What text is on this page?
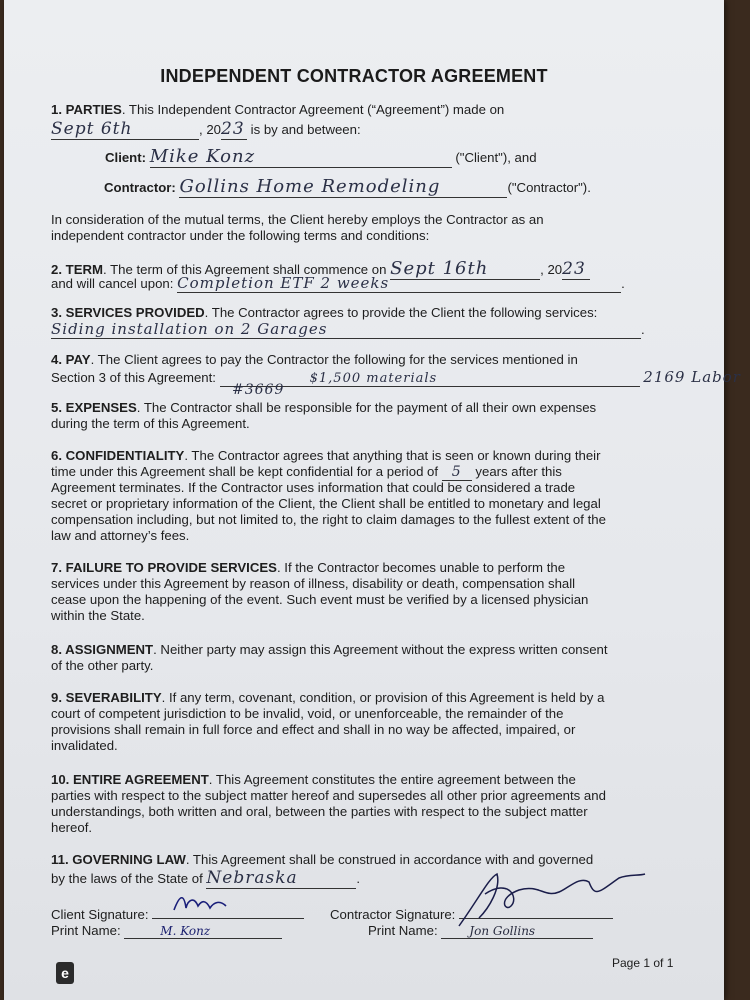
INDEPENDENT CONTRACTOR AGREEMENT
1. PARTIES. This Independent Contractor Agreement (“Agreement”) made on
Sept 6th	, 2023 is by and between:
Client: Mike Konz	("Client"), and
Contractor: Gollins Home Remodeling	("Contractor").
In consideration of the mutual terms, the Client hereby employs the Contractor as an
independent contractor under the following terms and conditions:
2. TERM. The term of this Agreement shall commence on Sept 16th	, 2023
and will cancel upon: Completion ETF 2 weeks	.
3. SERVICES PROVIDED. The Contractor agrees to provide the Client the following services:
Siding installation on 2 Garages	.
4. PAY. The Client agrees to pay the Contractor the following for the services mentioned in
Section 3 of this Agreement:	$1,500 materials	2169 Labor
#3669
5. EXPENSES. The Contractor shall be responsible for the payment of all their own expenses
during the term of this Agreement.
6. CONFIDENTIALITY. The Contractor agrees that anything that is seen or known during their
time under this Agreement shall be kept confidential for a period of 5 years after this
Agreement terminates. If the Contractor uses information that could be considered a trade
secret or proprietary information of the Client, the Client shall be entitled to monetary and legal
compensation including, but not limited to, the right to claim damages to the fullest extent of the
law and attorney’s fees.
7. FAILURE TO PROVIDE SERVICES. If the Contractor becomes unable to perform the
services under this Agreement by reason of illness, disability or death, compensation shall
cease upon the happening of the event. Such event must be verified by a licensed physician
within the State.
8. ASSIGNMENT. Neither party may assign this Agreement without the express written consent
of the other party.
9. SEVERABILITY. If any term, covenant, condition, or provision of this Agreement is held by a
court of competent jurisdiction to be invalid, void, or unenforceable, the remainder of the
provisions shall remain in full force and effect and shall in no way be affected, impaired, or
invalidated.
10. ENTIRE AGREEMENT. This Agreement constitutes the entire agreement between the
parties with respect to the subject matter hereof and supersedes all other prior agreements and
understandings, both written and oral, between the parties with respect to the subject matter
hereof.
11. GOVERNING LAW. This Agreement shall be construed in accordance with and governed
by the laws of the State of Nebraska	.
Client Signature:
Print Name:	M. Konz
Contractor Signature:
Print Name:	Jon Gollins
e
Page 1 of 1
